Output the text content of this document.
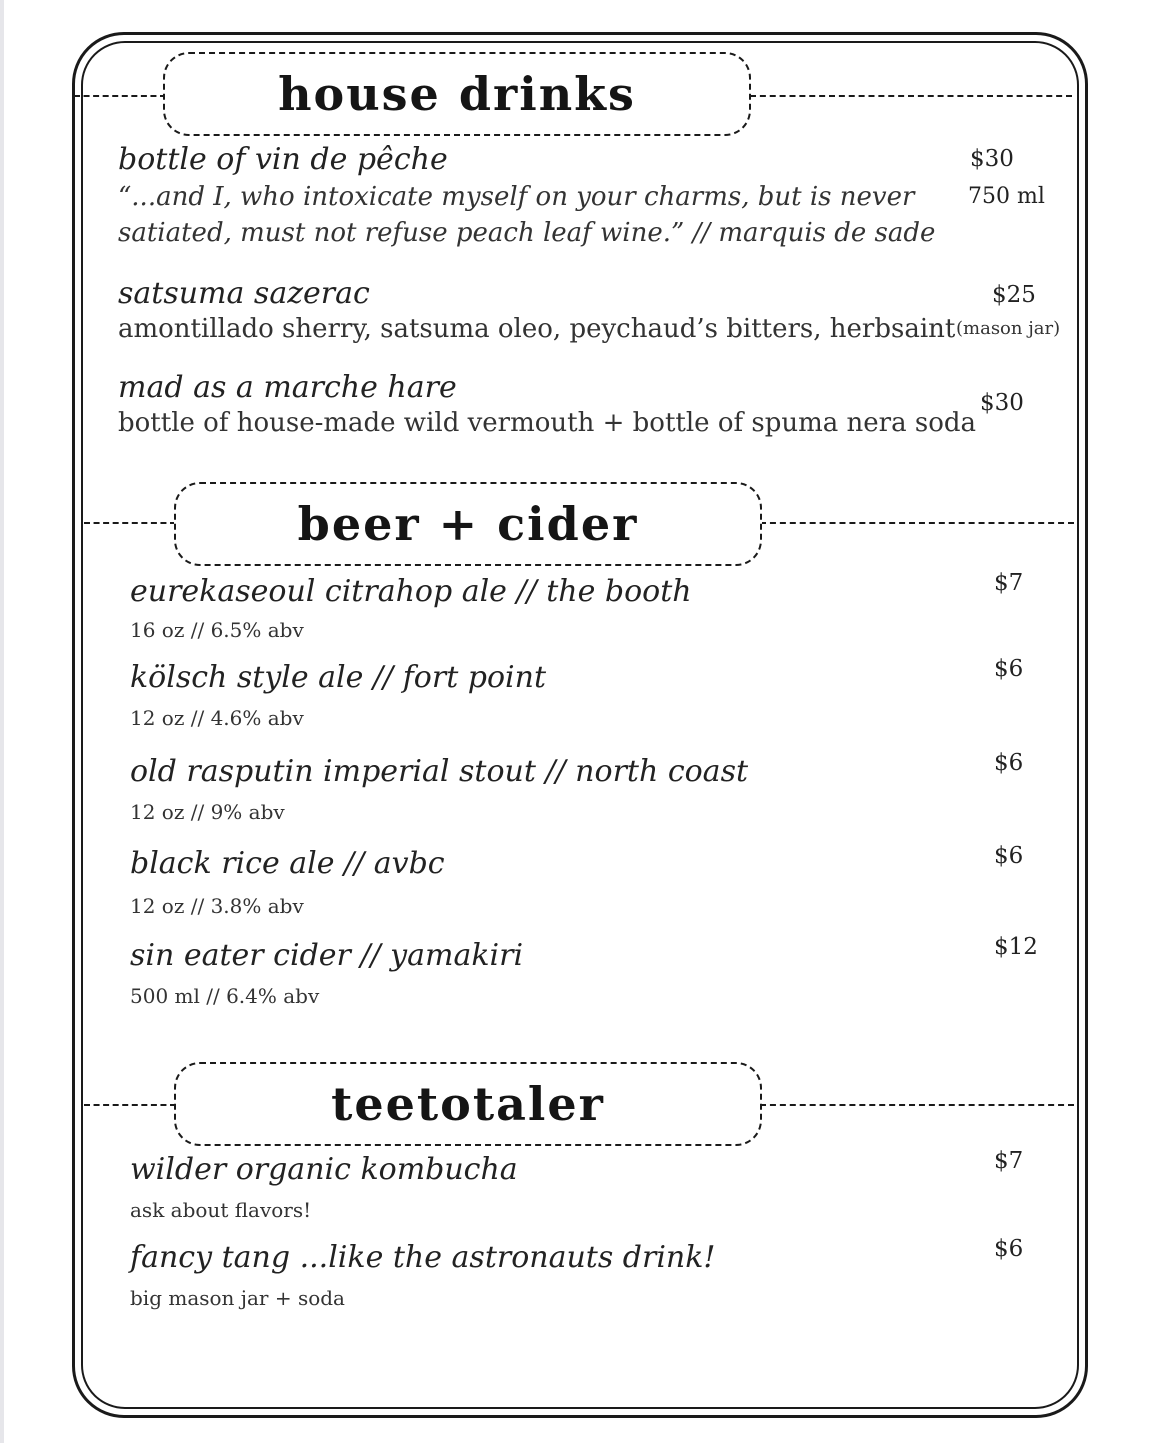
house drinks
bottle of vin de pêche
“...and I, who intoxicate myself on your charms, but is never
satiated, must not refuse peach leaf wine.” // marquis de sade
$30
750 ml
satsuma sazerac
amontillado sherry, satsuma oleo, peychaud’s bitters, herbsaint
$25
(mason jar)
mad as a marche hare
bottle of house-made wild vermouth + bottle of spuma nera soda
$30
beer + cider
eurekaseoul citrahop ale // the booth
16 oz // 6.5% abv
$7
kölsch style ale // fort point
12 oz // 4.6% abv
$6
old rasputin imperial stout // north coast
12 oz // 9% abv
$6
black rice ale // avbc
12 oz // 3.8% abv
$6
sin eater cider // yamakiri
500 ml // 6.4% abv
$12
teetotaler
wilder organic kombucha
ask about flavors!
$7
fancy tang ...like the astronauts drink!
big mason jar + soda
$6
